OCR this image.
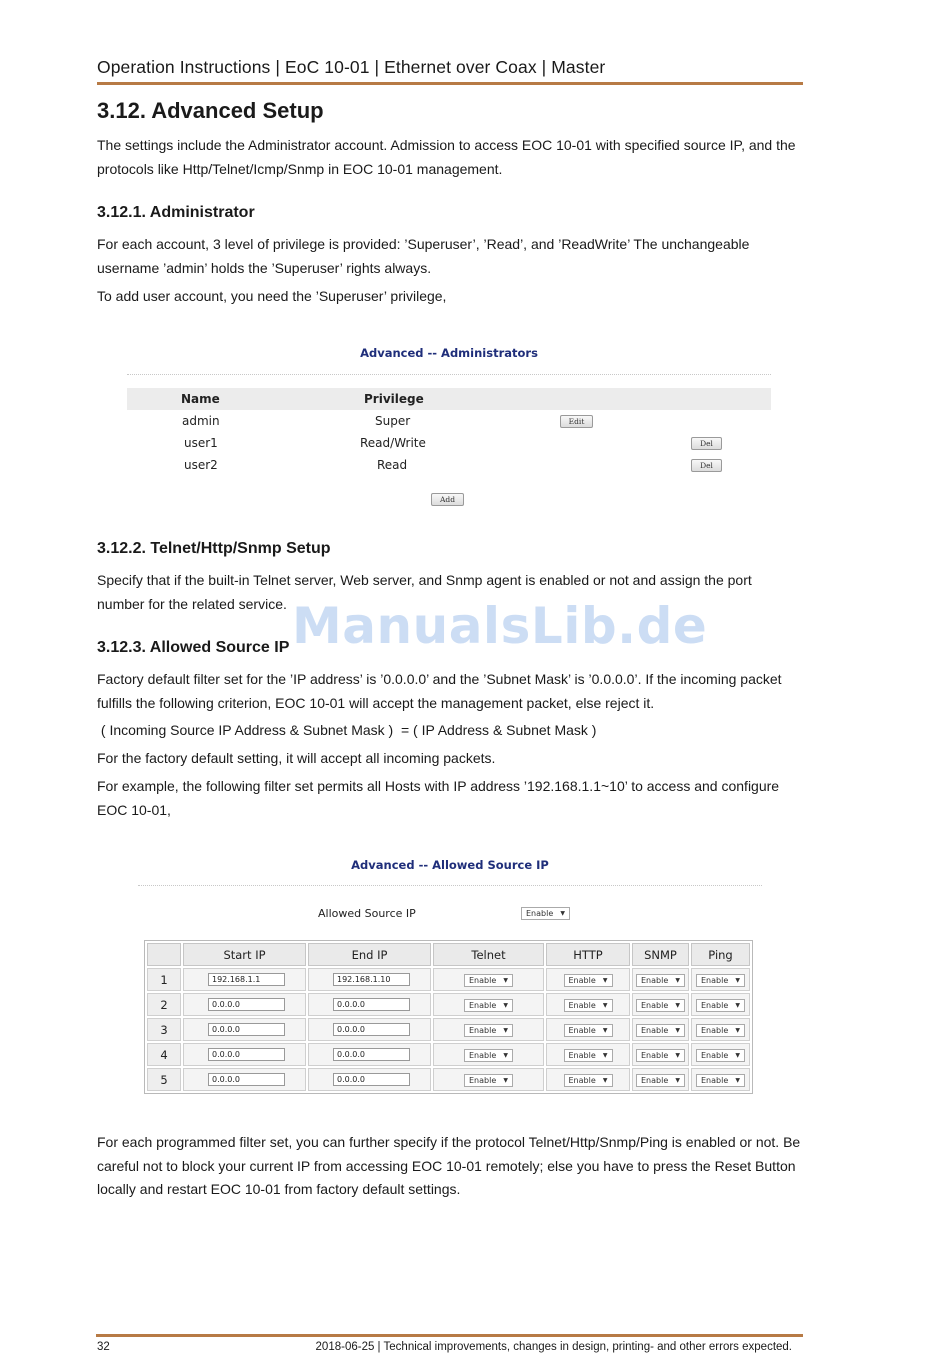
Operation Instructions | EoC 10-01 | Ethernet over Coax | Master
3.12. Advanced Setup

The settings include the Administrator account. Admission to access EOC 10-01 with specified source IP, and the protocols like Http/Telnet/Icmp/Snmp in EOC 10-01 management.

3.12.1. Administrator

For each account, 3 level of privilege is provided: ’Superuser’, ’Read’, and ’ReadWrite’ The unchangeable username ’admin’ holds the ’Superuser’ rights always.

To add user account, you need the ’Superuser’ privilege,

Advanced -- Administrators
Name	Privilege
admin	Super	Edit
user1	Read/Write	Del
user2	Read	Del
Add
3.12.2. Telnet/Http/Snmp Setup

Specify that if the built-in Telnet server, Web server, and Snmp agent is enabled or not and assign the port number for the related service. ManualsLib.de
3.12.3. Allowed Source IP

Factory default filter set for the ’IP address’ is ’0.0.0.0’ and the ’Subnet Mask’ is ’0.0.0.0’. If the incoming packet fulfills the following criterion, EOC 10-01 will accept the management packet, else reject it.

( Incoming Source IP Address & Subnet Mask )  = ( IP Address & Subnet Mask )

For the factory default setting, it will accept all incoming packets.

For example, the following filter set permits all Hosts with IP address ’192.168.1.1~10’ to access and configure EOC 10-01,

Advanced -- Allowed Source IP
Allowed Source IP	Enable ▼
	Start IP	End IP	Telnet	HTTP	SNMP	Ping
1	192.168.1.1	192.168.1.10	Enable ▼	Enable ▼	Enable ▼	Enable ▼

2	0.0.0.0	0.0.0.0	Enable ▼	Enable ▼	Enable ▼	Enable ▼

3	0.0.0.0	0.0.0.0	Enable ▼	Enable ▼	Enable ▼	Enable ▼

4	0.0.0.0	0.0.0.0	Enable ▼	Enable ▼	Enable ▼	Enable ▼

5	0.0.0.0	0.0.0.0	Enable ▼	Enable ▼	Enable ▼	Enable ▼

For each programmed filter set, you can further specify if the protocol Telnet/Http/Snmp/Ping is enabled or not. Be careful not to block your current IP from accessing EOC 10-01 remotely; else you have to press the Reset Button locally and restart EOC 10-01 from factory default settings.

32	2018-06-25 | Technical improvements, changes in design, printing- and other errors expected.
